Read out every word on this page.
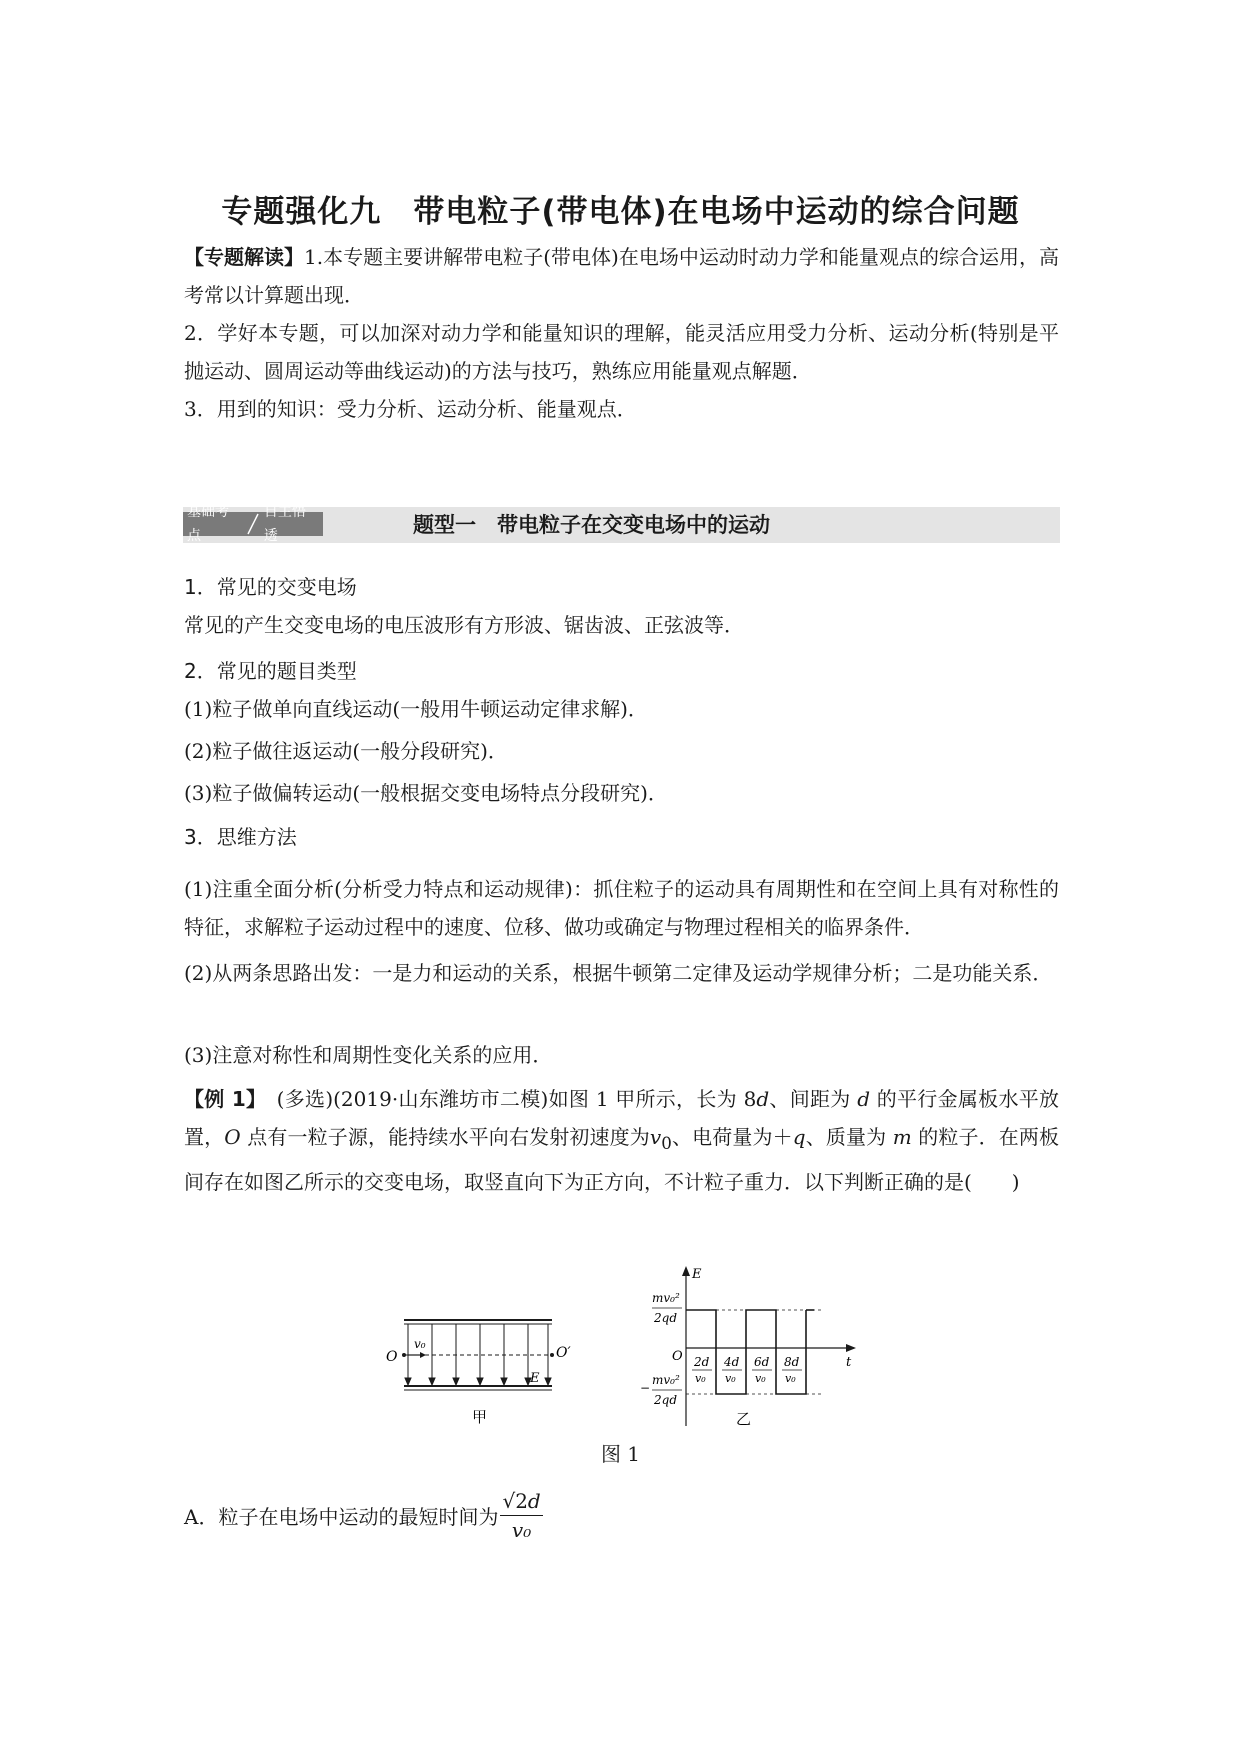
专题强化九　带电粒子(带电体)在电场中运动的综合问题
【专题解读】1.本专题主要讲解带电粒子(带电体)在电场中运动时动力学和能量观点的综合运用，高考常以计算题出现．
2．学好本专题，可以加深对动力学和能量知识的理解，能灵活应用受力分析、运动分析(特别是平抛运动、圆周运动等曲线运动)的方法与技巧，熟练应用能量观点解题．
3．用到的知识：受力分析、运动分析、能量观点．
基础考点
自主悟透	题型一　带电粒子在交变电场中的运动
1．常见的交变电场
常见的产生交变电场的电压波形有方形波、锯齿波、正弦波等．
2．常见的题目类型
(1)粒子做单向直线运动(一般用牛顿运动定律求解)．
(2)粒子做往返运动(一般分段研究)．
(3)粒子做偏转运动(一般根据交变电场特点分段研究)．
3．思维方法
(1)注重全面分析(分析受力特点和运动规律)：抓住粒子的运动具有周期性和在空间上具有对称性的特征，求解粒子运动过程中的速度、位移、做功或确定与物理过程相关的临界条件．
(2)从两条思路出发：一是力和运动的关系，根据牛顿第二定律及运动学规律分析；二是功能关系．
(3)注意对称性和周期性变化关系的应用．
【例 1】　 (多选)(2019·山东潍坊市二模)如图 1 甲所示，长为 8d、间距为 d 的平行金属板水平放置，O 点有一粒子源，能持续水平向右发射初速度为$v_0$、电荷量为＋q、质量为 m 的粒子．在两板间存在如图乙所示的交变电场，取竖直向下为正方向，不计粒子重力．以下判断正确的是(　　)
O	O′
v₀
E
甲
E
t
O
mv₀²
2qd
−
mv₀²
2qd
2d
v₀
4d
v₀
6d
v₀
8d
v₀
乙
图 1
A．粒子在电场中运动的最短时间为 $\frac{√2d}{\text{v₀}}$
